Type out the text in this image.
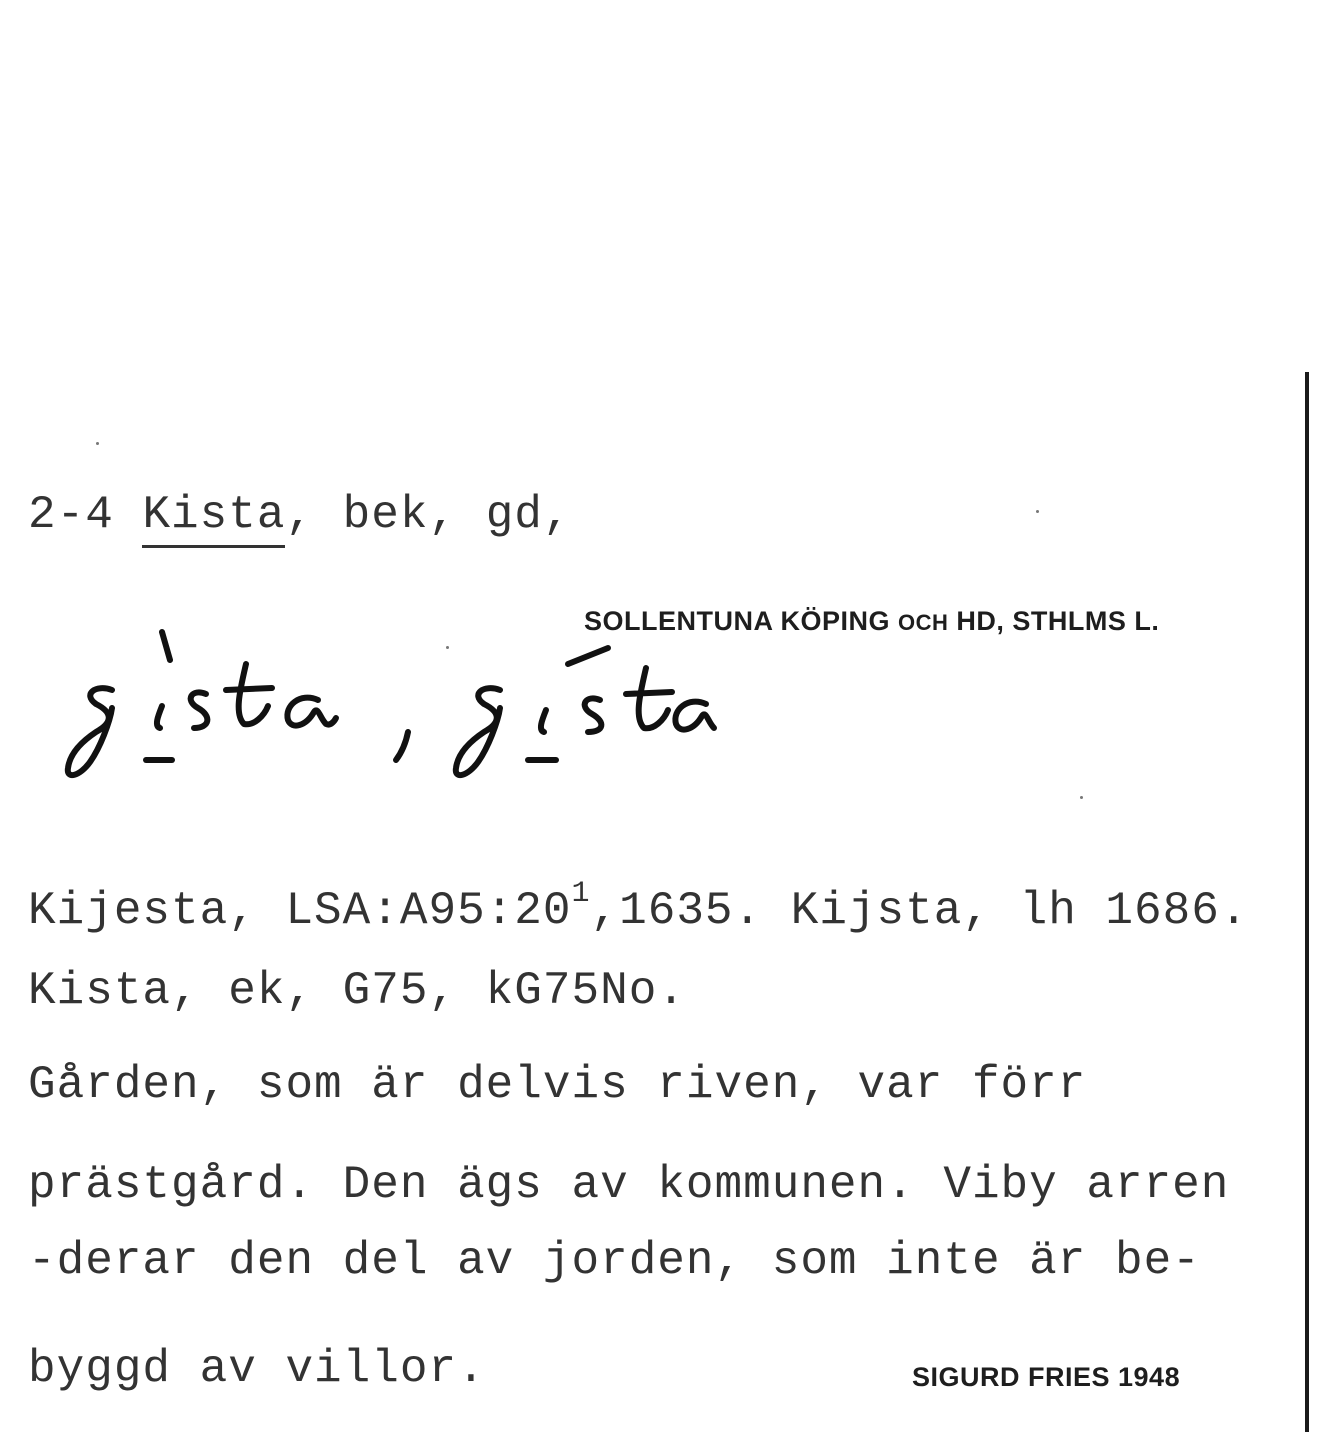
2-4 Kista, bek, gd,
SOLLENTUNA KÖPING OCH HD, STHLMS L.
Kijesta, $LSA:A95:20^1,1635$. Kijsta, lh 1686.
Kista, ek, G75, kG75No.
Gården, som är delvis riven, var förr
prästgård. Den ägs av kommunen. Viby arren
-derar den del av jorden, som inte är be-
byggd av villor.	SIGURD FRIES 1948
